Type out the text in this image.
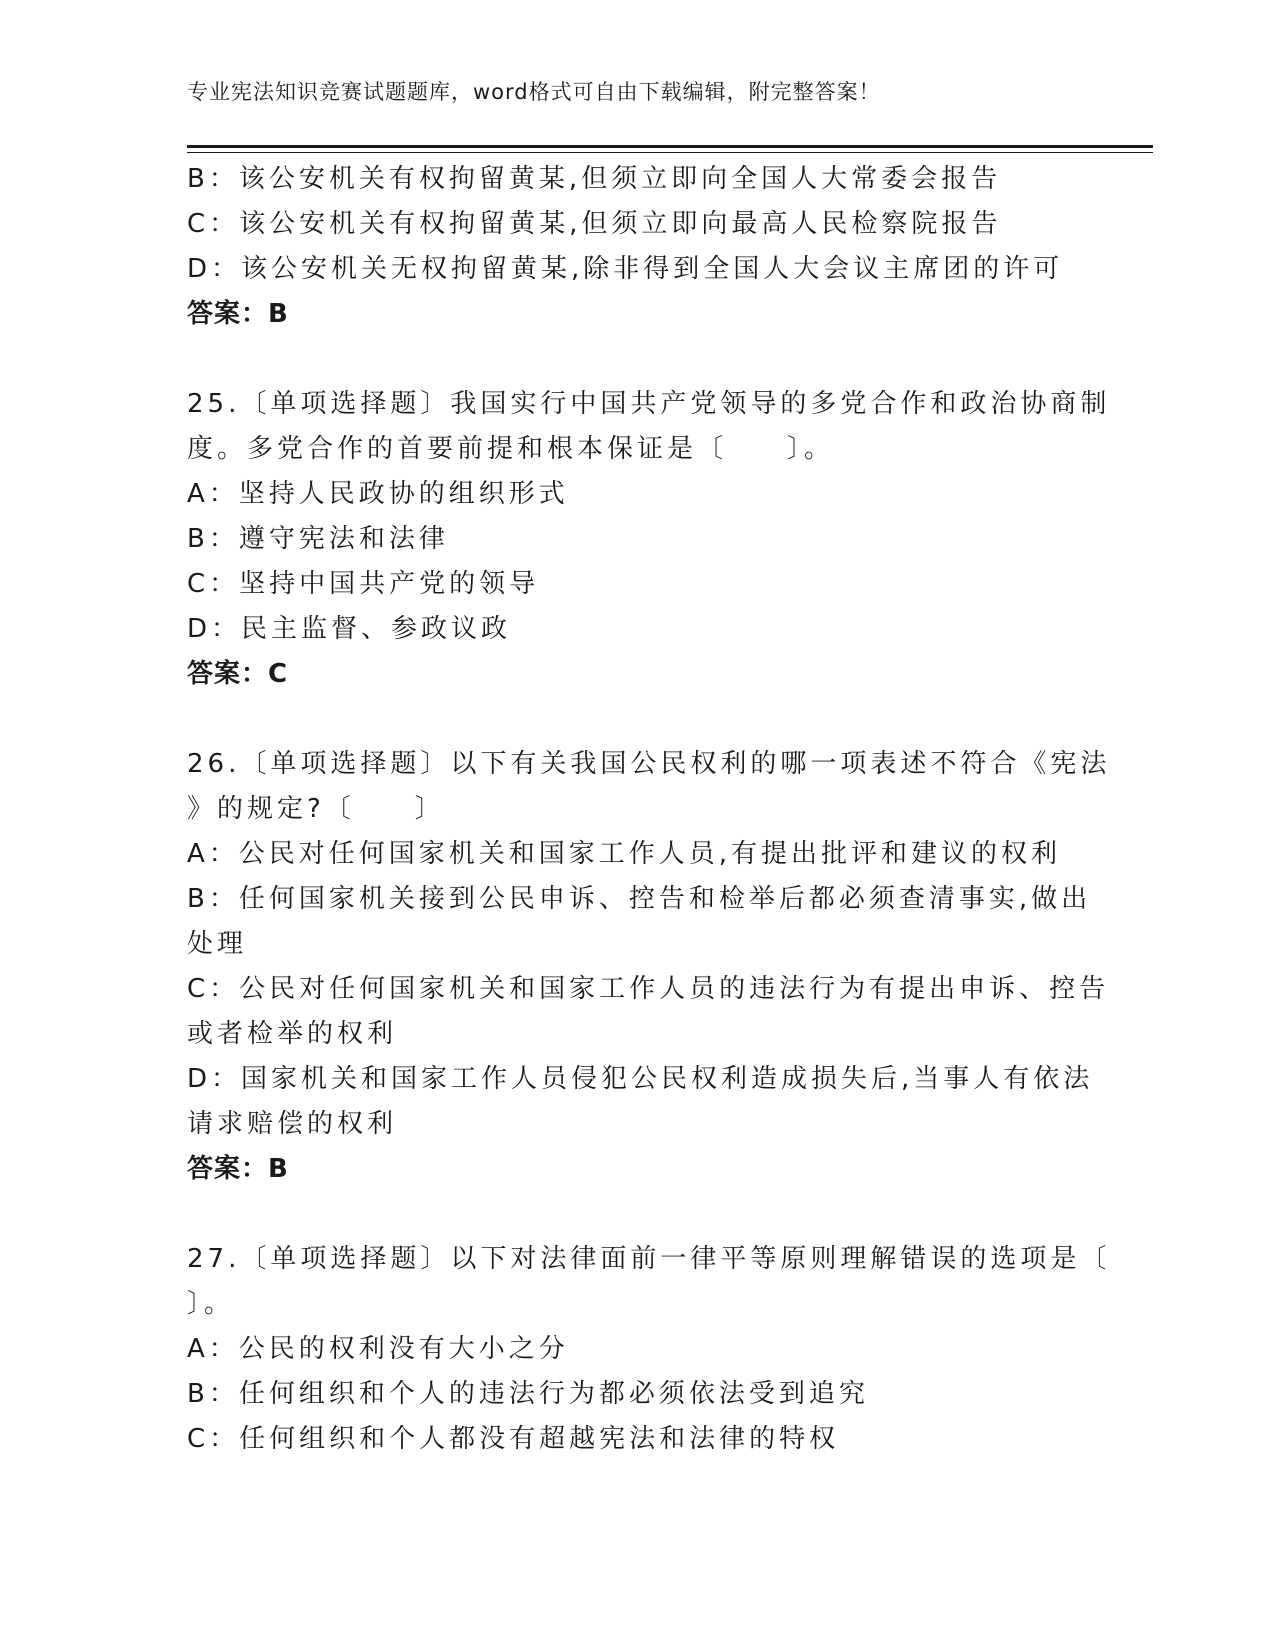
专业宪法知识竞赛试题题库，word格式可自由下载编辑，附完整答案！
B：该公安机关有权拘留黄某,但须立即向全国人大常委会报告
C：该公安机关有权拘留黄某,但须立即向最高人民检察院报告
D：该公安机关无权拘留黄某,除非得到全国人大会议主席团的许可
答案：B
25.〔单项选择题〕我国实行中国共产党领导的多党合作和政治协商制
度。多党合作的首要前提和根本保证是〔　　〕。
A：坚持人民政协的组织形式
B：遵守宪法和法律
C：坚持中国共产党的领导
D：民主监督、参政议政
答案：C
26.〔单项选择题〕以下有关我国公民权利的哪一项表述不符合《宪法
》的规定?〔　　〕
A：公民对任何国家机关和国家工作人员,有提出批评和建议的权利
B：任何国家机关接到公民申诉、控告和检举后都必须查清事实,做出
处理
C：公民对任何国家机关和国家工作人员的违法行为有提出申诉、控告
或者检举的权利
D：国家机关和国家工作人员侵犯公民权利造成损失后,当事人有依法
请求赔偿的权利
答案：B
27.〔单项选择题〕以下对法律面前一律平等原则理解错误的选项是〔
〕。
A：公民的权利没有大小之分
B：任何组织和个人的违法行为都必须依法受到追究
C：任何组织和个人都没有超越宪法和法律的特权
